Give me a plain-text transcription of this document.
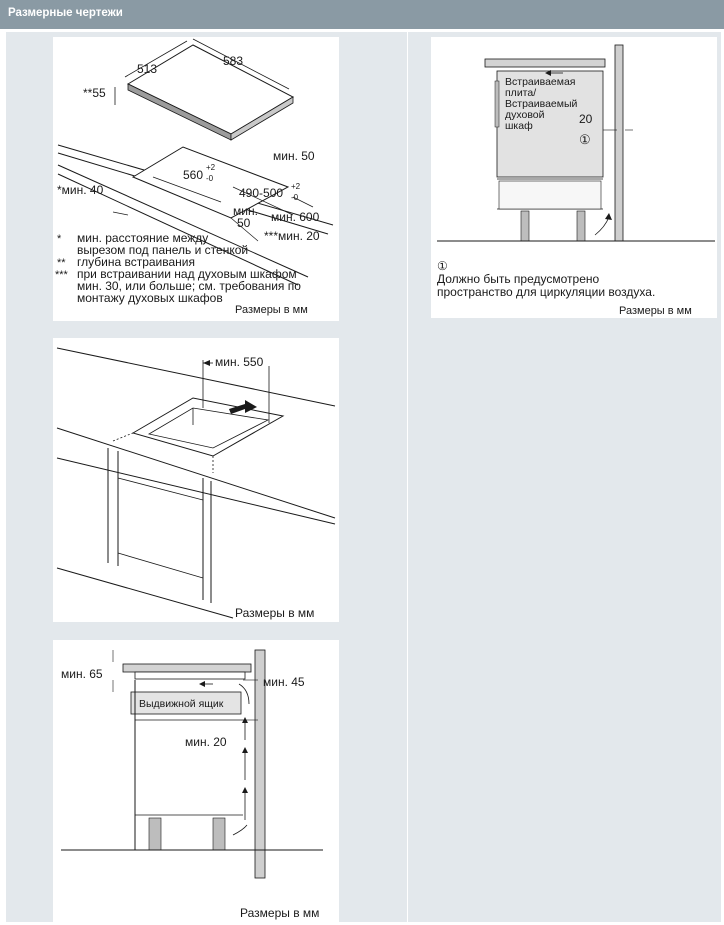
Размерные чертежи
513
583
**55
560
+2
-0
490-500 +2
-0
мин. 50
*мин. 40
мин.
50 мин. 600
***мин. 20
* мин. расстояние между
вырезом под панель и стенкой
** глубина встраивания
*** при встраивании над духовым шкафом
мин. 30, или больше; см. требования по
монтажу духовых шкафов
Размеры в мм
мин. 550
Размеры в мм
мин. 65
мин. 45
Выдвижной ящик
мин. 20
Размеры в мм
Встраиваемая
плита/
Встраиваемый
духовой
шкаф	20
①
①
Должно быть предусмотрено
пространство для циркуляции воздуха.
Размеры в мм
